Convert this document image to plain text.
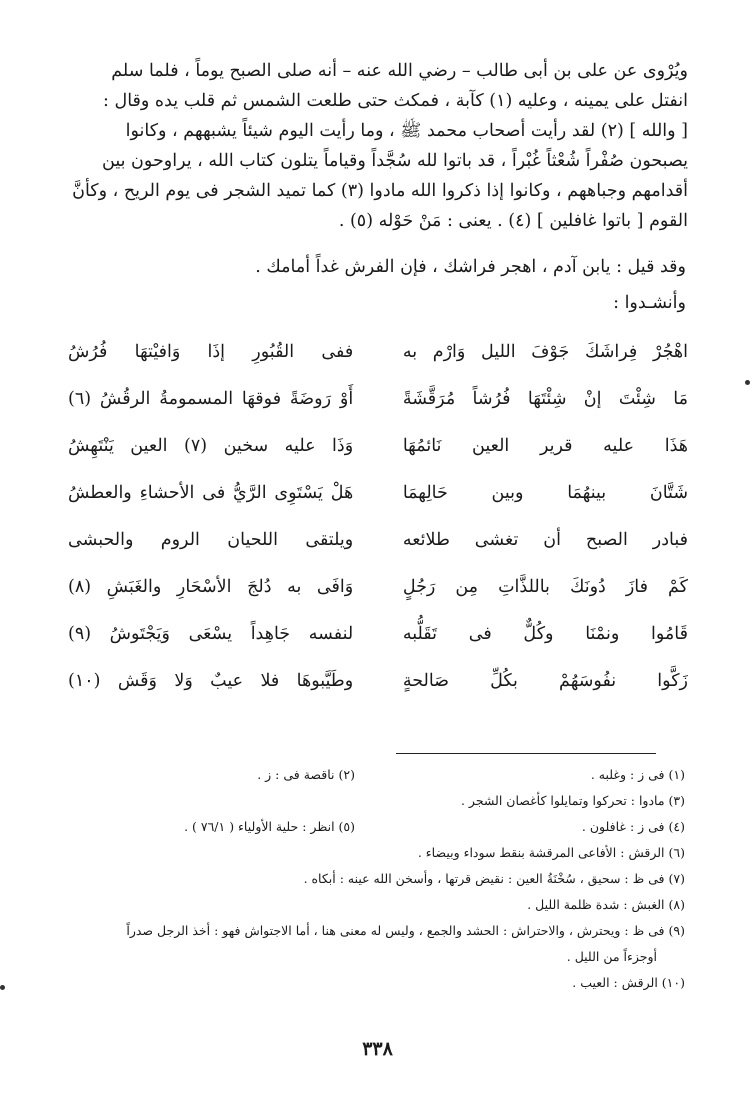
ويُرْوى عن على بن أبى طالب – رضي الله عنه – أنه صلى الصبح يوماً ، فلما سلم

انفتل على يمينه ، وعليه (١) كآبة ، فمكث حتى طلعت الشمس ثم قلب يده وقال :

[ والله ] (٢) لقد رأيت أصحاب محمد ﷺ ، وما رأيت اليوم شيئاً يشبههم ، وكانوا

يصبحون صُفْراً شُعْثاً غُبْراً ، قد باتوا لله سُجَّداً وقياماً يتلون كتاب الله ، يراوحون بين

أقدامهم وجباههم ، وكانوا إذا ذكروا الله مادوا (٣) كما تميد الشجر فى يوم الريح ، وكأنَّ

القوم [ باتوا غافلين ] (٤) . يعنى : مَنْ حَوْله (٥) .

وقد قيل : يابن آدم ، اهجر فراشك ، فإن الفرش غداً أمامك .
وأنشـدوا :
اهْجُرْ فِراشَكَ جَوْفَ الليل وَارْم به
ففى القُبُورِ إذَا وَافيْتهَا فُرُشُ
مَا شِئْتَ إنْ شِئْتَهَا فُرُشاً مُرَقَّشَةً
أَوْ رَوضَةً فوقهَا المسمومةُ الرقُشُ (٦)
هَذَا عليه قرير العين نَائمُهَا
وَذَا عليه سخين (٧) العين يَنْتَهِشُ
شَتَّانَ بينهُمَا وبين حَالِهمَا
هَلْ يَسْتَوِى الرَّيُّ فى الأحشاءِ والعطشُ
فبادر الصبح أن تغشى طلائعه
ويلتقى اللحيان الروم والحبشى
كَمْ فازَ دُونَكَ باللذَّاتِ مِن رَجُلٍ
وَافَى به دُلجَ الأسْحَارِ والغَبَشِ (٨)
قَامُوا ونمْنَا وكُلٌّ فى تَقَلُّبه
لنفسه جَاهِداً يسْعَى وَيَجْتَوشُ (٩)
زَكَّوا نفُوسَهُمْ بكُلِّ صَالحةٍ
وطَيَّبوهَا فلا عيبٌ وَلا وَقَش (١٠)
(١) فى ز : وغلبه .
(٢) ناقصة فى : ز .
(٣) مادوا : تحركوا وتمايلوا كأغصان الشجر .
(٤) فى ز : غافلون .
(٥) انظر : حلية الأولياء ( ٧٦/١ ) .
(٦) الرقش : الأفاعى المرقشة بنقط سوداء وبيضاء .
(٧) فى ظ : سحيق ، سُخْنَةُ العين : نقيض قرتها ، وأسخن الله عينه : أبكاه .
(٨) الغبش : شدة ظلمة الليل .
(٩) فى ظ : ويحترش ، والاحتراش : الحشد والجمع ، وليس له معنى هنا ، أما الاجتواش فهو : أخذ الرجل صدراً
أوجزءاً من الليل .
(١٠) الرقش : العيب .
٣٣٨
